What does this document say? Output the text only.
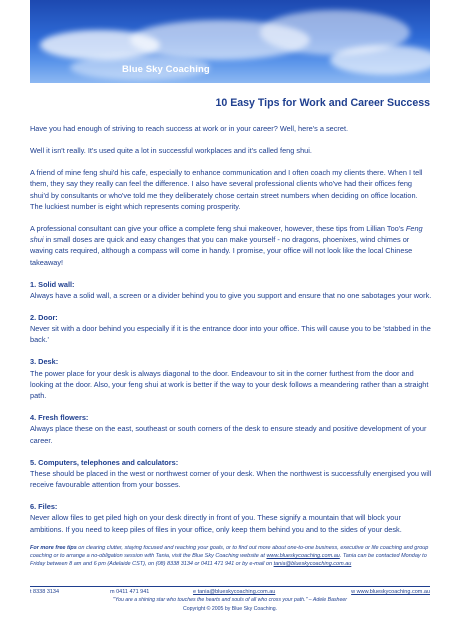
Blue Sky Coaching
10 Easy Tips for Work and Career Success

Have you had enough of striving to reach success at work or in your career? Well, here's a secret.

Well it isn't really. It's used quite a lot in successful workplaces and it's called feng shui.

A friend of mine feng shui'd his cafe, especially to enhance communication and I often coach my clients there. When I tell them, they say they really can feel the difference. I also have several professional clients who've had their offices feng shui'd by consultants or who've told me they deliberately chose certain street numbers when deciding on office location. The luckiest number is eight which represents coming prosperity.

A professional consultant can give your office a complete feng shui makeover, however, these tips from Lillian Too's Feng shui in small doses are quick and easy changes that you can make yourself - no dragons, phoenixes, wind chimes or waving cats required, although a compass will come in handy. I promise, your office will not look like the local Chinese takeaway!

1. Solid wall:
Always have a solid wall, a screen or a divider behind you to give you support and ensure that no one sabotages your work.
2. Door:
Never sit with a door behind you especially if it is the entrance door into your office. This will cause you to be 'stabbed in the back.'
3. Desk:
The power place for your desk is always diagonal to the door. Endeavour to sit in the corner furthest from the door and looking at the door. Also, your feng shui at work is better if the way to your desk follows a meandering rather than a straight path.
4. Fresh flowers:
Always place these on the east, southeast or south corners of the desk to ensure steady and positive development of your career.
5. Computers, telephones and calculators:
These should be placed in the west or northwest corner of your desk. When the northwest is successfully energised you will receive favourable attention from your bosses.
6. Files:
Never allow files to get piled high on your desk directly in front of you. These signify a mountain that will block your ambitions. If you need to keep piles of files in your office, only keep them behind you and to the sides of your desk.
For more free tips on clearing clutter, staying focused and reaching your goals, or to find out more about one-to-one business, executive or life coaching and group coaching or to arrange a no-obligation session with Tania, visit the Blue Sky Coaching website at www.blueskycoaching.com.au. Tania can be contacted Monday to Friday between 8 am and 6 pm (Adelaide CST), on (08) 8338 3134 or 0411 471 941 or by e-mail on tania@blueskycoaching.com.au
t 8338 3134	m 0411 471 941	e tania@blueskycoaching.com.au	w www.blueskycoaching.com.au
"You are a shining star who touches the hearts and souls of all who cross your path." – Adele Basheer
Copyright © 2005 by Blue Sky Coaching.
